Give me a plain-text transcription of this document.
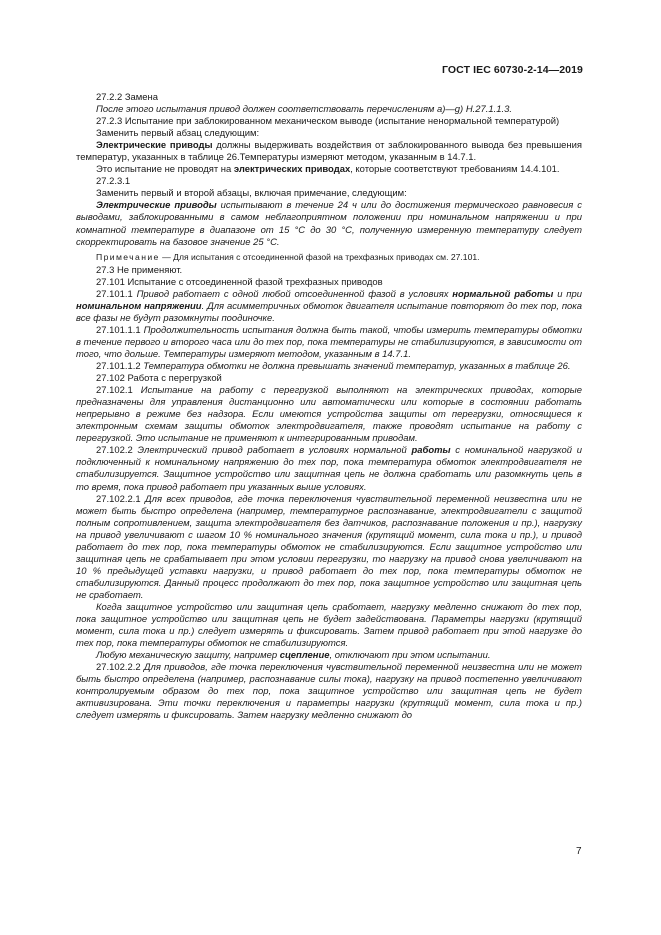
ГОСТ IEC 60730-2-14—2019

27.2.2 Замена

После этого испытания привод должен соответствовать перечислениям а)—g) Н.27.1.1.3.

27.2.3 Испытание при заблокированном механическом выводе (испытание ненормальной температурой)

Заменить первый абзац следующим:

Электрические приводы должны выдерживать воздействия от заблокированного вывода без превышения температур, указанных в таблице 26.Температуры измеряют методом, указанным в 14.7.1.

Это испытание не проводят на электрических приводах, которые соответствуют требованиям 14.4.101.

27.2.3.1

Заменить первый и второй абзацы, включая примечание, следующим:

Электрические приводы испытывают в течение 24 ч или до достижения термического равновесия с выводами, заблокированными в самом неблагоприятном положении при номинальном напряжении и при комнатной температуре в диапазоне от 15 °С до 30 °С, полученную измеренную температуру следует скорректировать на базовое значение 25 °С.

Примечание — Для испытания с отсоединенной фазой на трехфазных приводах см. 27.101.

27.3 Не применяют.

27.101 Испытание с отсоединенной фазой трехфазных приводов

27.101.1 Привод работает с одной любой отсоединенной фазой в условиях нормальной работы и при номинальном напряжении. Для асимметричных обмоток двигателя испытание повторяют до тех пор, пока все фазы не будут разомкнуты поодиночке.

27.101.1.1 Продолжительность испытания должна быть такой, чтобы измерить температуры обмотки в течение первого и второго часа или до тех пор, пока температуры не стабилизируются, в зависимости от того, что дольше. Температуры измеряют методом, указанным в 14.7.1.

27.101.1.2 Температура обмотки не должна превышать значений температур, указанных в таблице 26.

27.102 Работа с перегрузкой

27.102.1 Испытание на работу с перегрузкой выполняют на электрических приводах, которые предназначены для управления дистанционно или автоматически или которые в состоянии работать непрерывно в режиме без надзора. Если имеются устройства защиты от перегрузки, относящиеся к электронным схемам защиты обмоток электродвигателя, также проводят испытание на работу с перегрузкой. Это испытание не применяют к интегрированным приводам.

27.102.2 Электрический привод работает в условиях нормальной работы с номинальной нагрузкой и подключенный к номинальному напряжению до тех пор, пока температура обмоток электродвигателя не стабилизируется. Защитное устройство или защитная цепь не должна сработать или разомкнуть цепь в то время, пока привод работает при указанных выше условиях.

27.102.2.1 Для всех приводов, где точка переключения чувствительной переменной неизвестна или не может быть быстро определена (например, температурное распознавание, электродвигатели с защитой полным сопротивлением, защита электродвигателя без датчиков, распознавание положения и пр.), нагрузку на привод увеличивают с шагом 10 % номинального значения (крутящий момент, сила тока и пр.), и привод работает до тех пор, пока температуры обмоток не стабилизируются. Если защитное устройство или защитная цепь не срабатывает при этом условии перегрузки, то нагрузку на привод снова увеличивают на 10 % предыдущей уставки нагрузки, и привод работает до тех пор, пока температуры обмоток не стабилизируются. Данный процесс продолжают до тех пор, пока защитное устройство или защитная цепь не сработает.

Когда защитное устройство или защитная цепь сработает, нагрузку медленно снижают до тех пор, пока защитное устройство или защитная цепь не будет задействована. Параметры нагрузки (крутящий момент, сила тока и пр.) следует измерять и фиксировать. Затем привод работает при этой нагрузке до тех пор, пока температуры обмоток не стабилизируются.

Любую механическую защиту, например сцепление, отключают при этом испытании.

27.102.2.2 Для приводов, где точка переключения чувствительной переменной неизвестна или не может быть быстро определена (например, распознавание силы тока), нагрузку на привод постепенно увеличивают контролируемым образом до тех пор, пока защитное устройство или защитная цепь не будет активизирована. Эти точки переключения и параметры нагрузки (крутящий момент, сила тока и пр.) следует измерять и фиксировать. Затем нагрузку медленно снижают до

7
